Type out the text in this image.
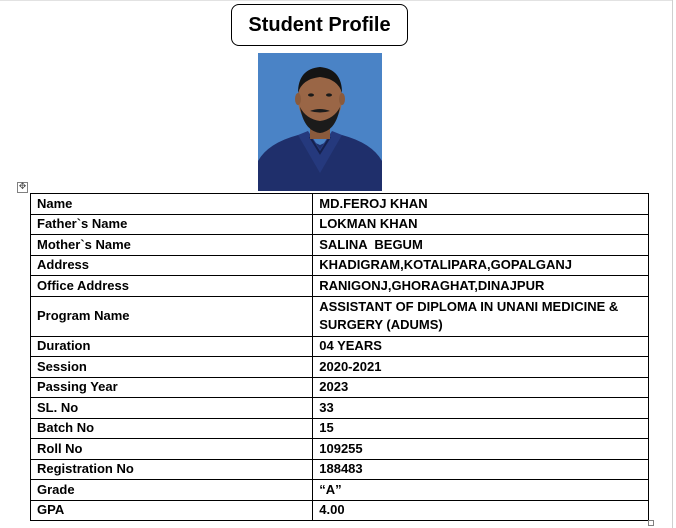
Student Profile
✥
Name	MD.FEROJ KHAN
Father`s Name	LOKMAN KHAN
Mother`s Name	SALINA  BEGUM
Address	KHADIGRAM,KOTALIPARA,GOPALGANJ
Office Address	RANIGONJ,GHORAGHAT,DINAJPUR
Program Name	ASSISTANT OF DIPLOMA IN UNANI MEDICINE & SURGERY (ADUMS)
Duration	04 YEARS
Session	2020-2021
Passing Year	2023
SL. No	33
Batch No	15
Roll No	109255
Registration No	188483
Grade	“A”
GPA	4.00
